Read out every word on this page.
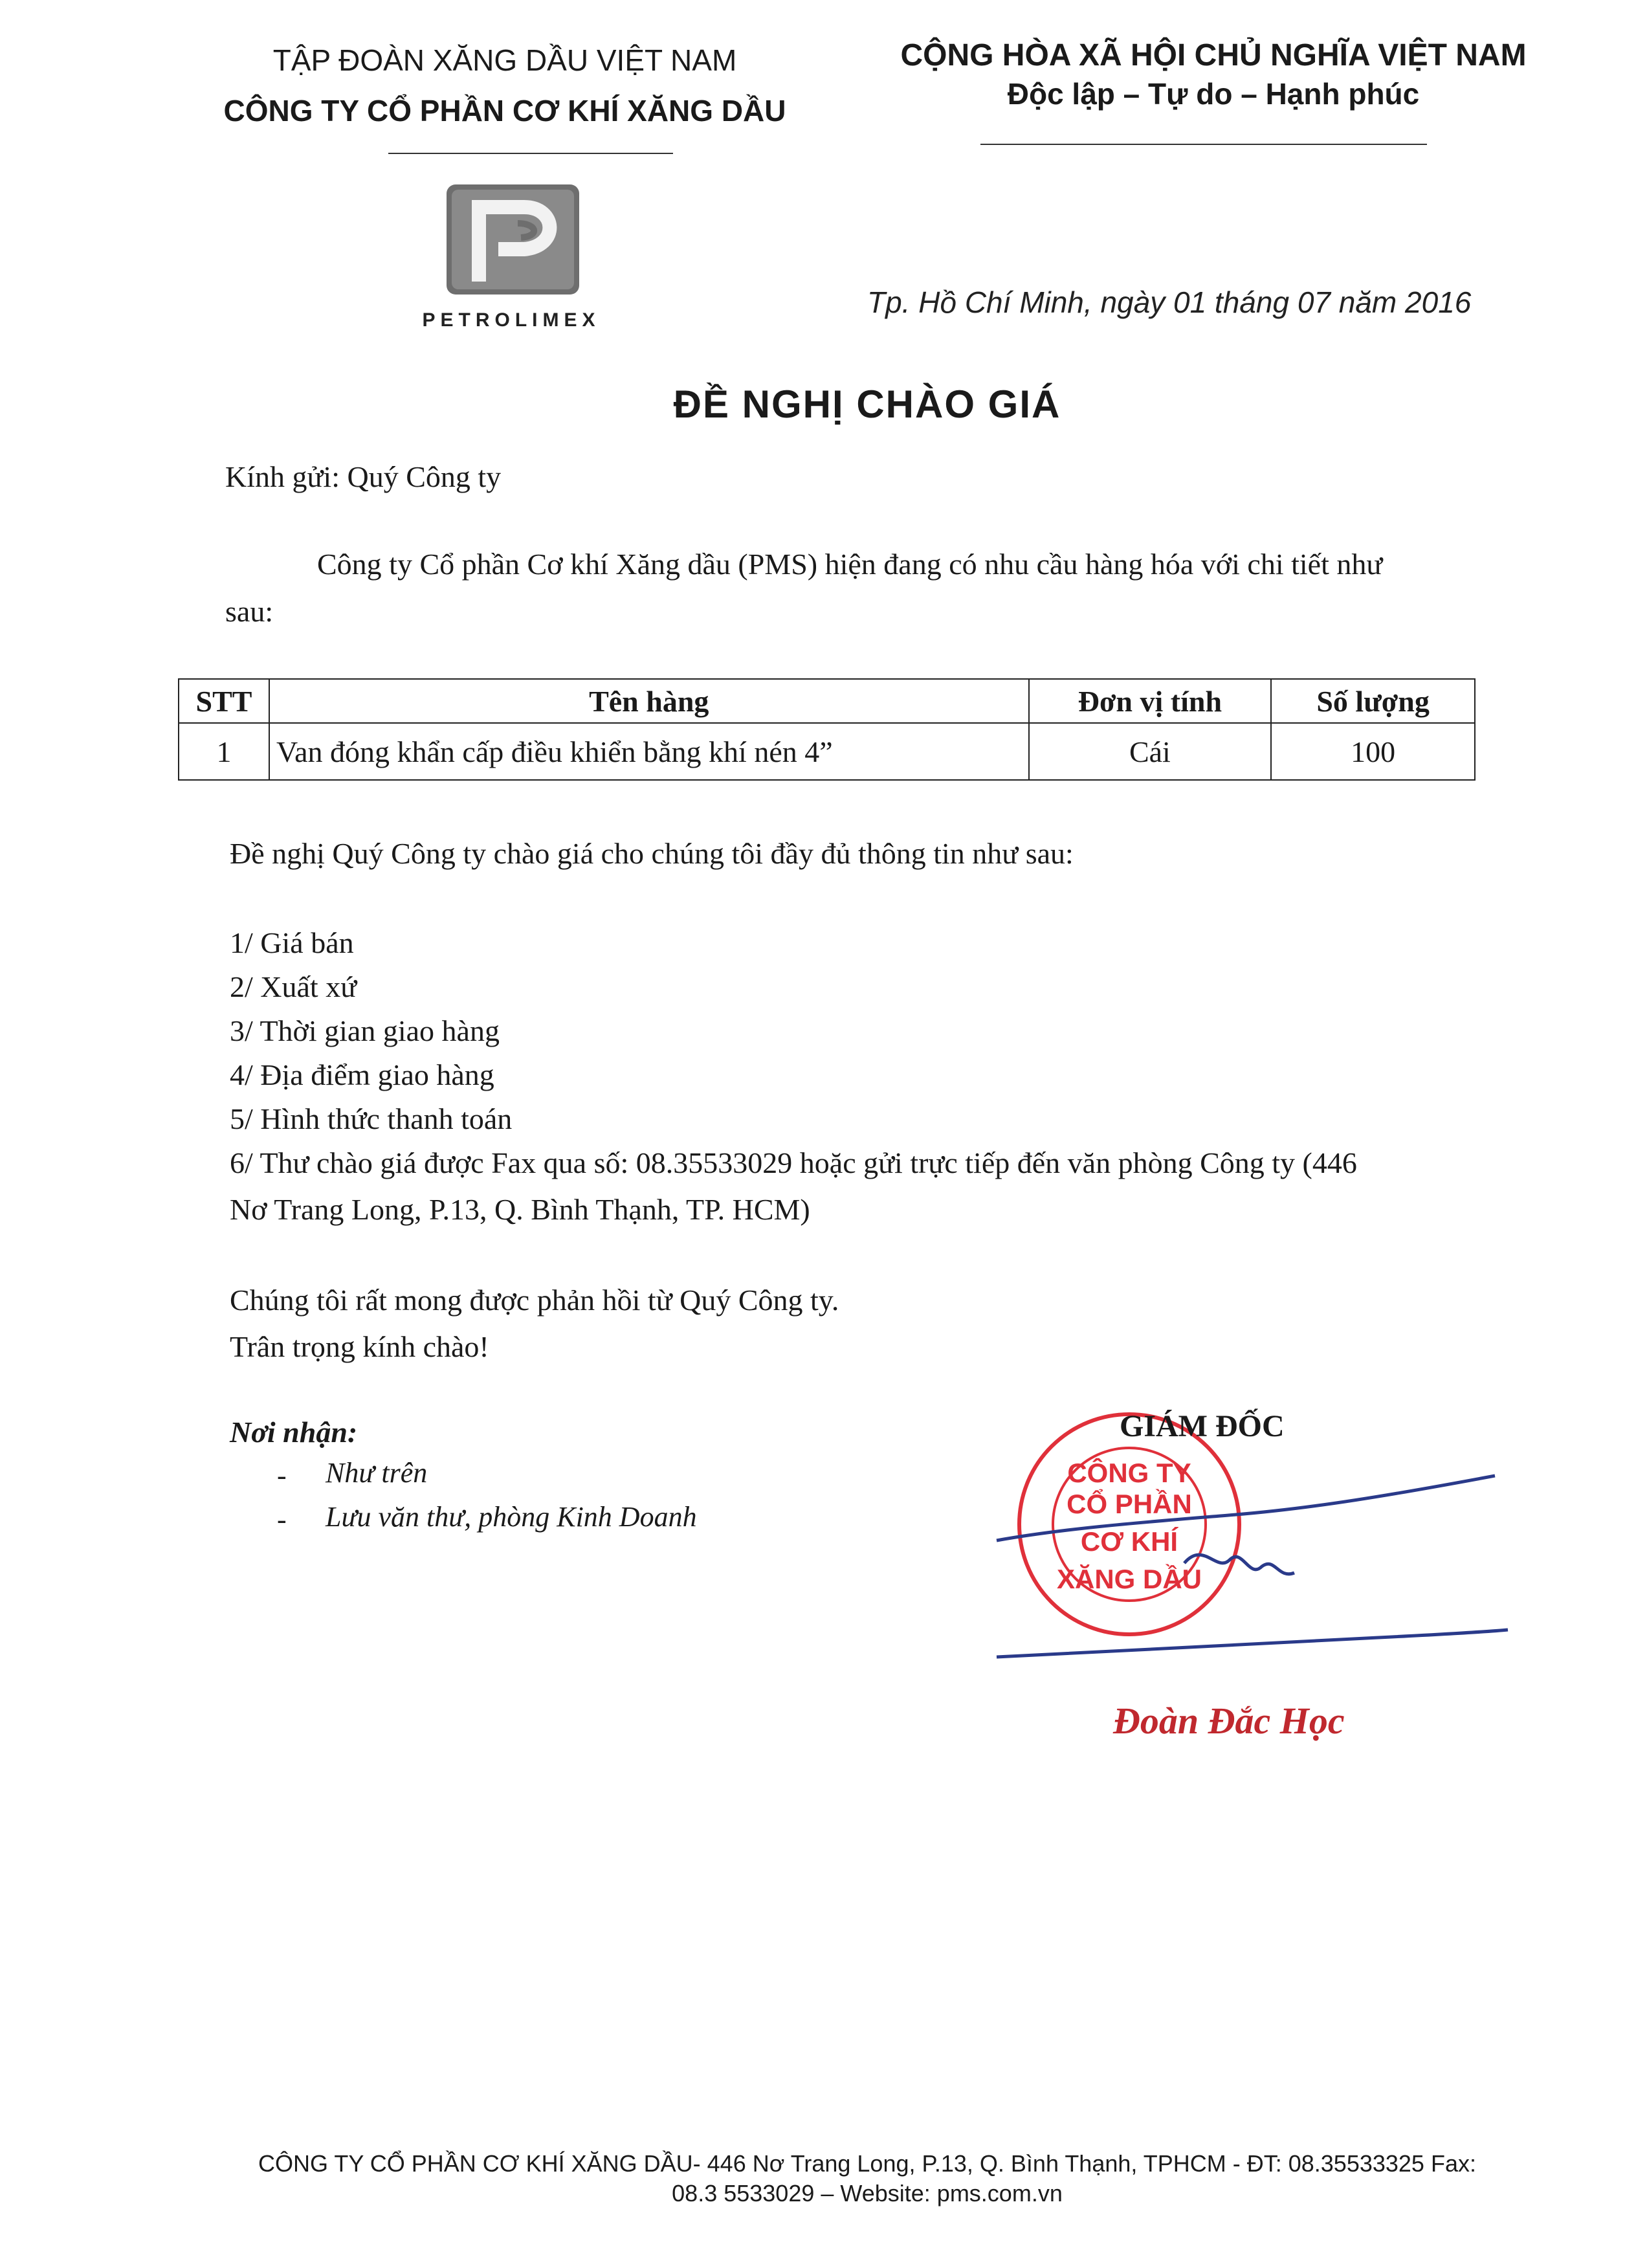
TẬP ĐOÀN XĂNG DẦU VIỆT NAM
CÔNG TY CỔ PHẦN CƠ KHÍ XĂNG DẦU
CỘNG HÒA XÃ HỘI CHỦ NGHĨA VIỆT NAM
Độc lập – Tự do – Hạnh phúc
PETROLIMEX
Tp. Hồ Chí Minh, ngày 01 tháng 07 năm 2016
ĐỀ NGHỊ CHÀO GIÁ
Kính gửi: Quý Công ty
Công ty Cổ phần Cơ khí Xăng dầu (PMS) hiện đang có nhu cầu hàng hóa với chi tiết như
sau:
STT	Tên hàng	Đơn vị tính	Số lượng
1	Van đóng khẩn cấp điều khiển bằng khí nén 4”	Cái	100
Đề nghị Quý Công ty chào giá cho chúng tôi đầy đủ thông tin như sau:
1/ Giá bán
2/ Xuất xứ
3/ Thời gian giao hàng
4/ Địa điểm giao hàng
5/ Hình thức thanh toán
6/ Thư chào giá được Fax qua số: 08.35533029 hoặc gửi trực tiếp đến văn phòng Công ty (446
Nơ Trang Long, P.13, Q. Bình Thạnh, TP. HCM)
Chúng tôi rất mong được phản hồi từ Quý Công ty.
Trân trọng kính chào!
Nơi nhận:
- Như trên
- Lưu văn thư, phòng Kinh Doanh
CÔNG TY
CỔ PHẦN
CƠ KHÍ
XĂNG DẦU
GIÁM ĐỐC
Đoàn Đắc Học
CÔNG TY CỔ PHẦN CƠ KHÍ XĂNG DẦU- 446 Nơ Trang Long, P.13, Q. Bình Thạnh, TPHCM - ĐT: 08.35533325 Fax:
08.3 5533029 – Website: pms.com.vn
